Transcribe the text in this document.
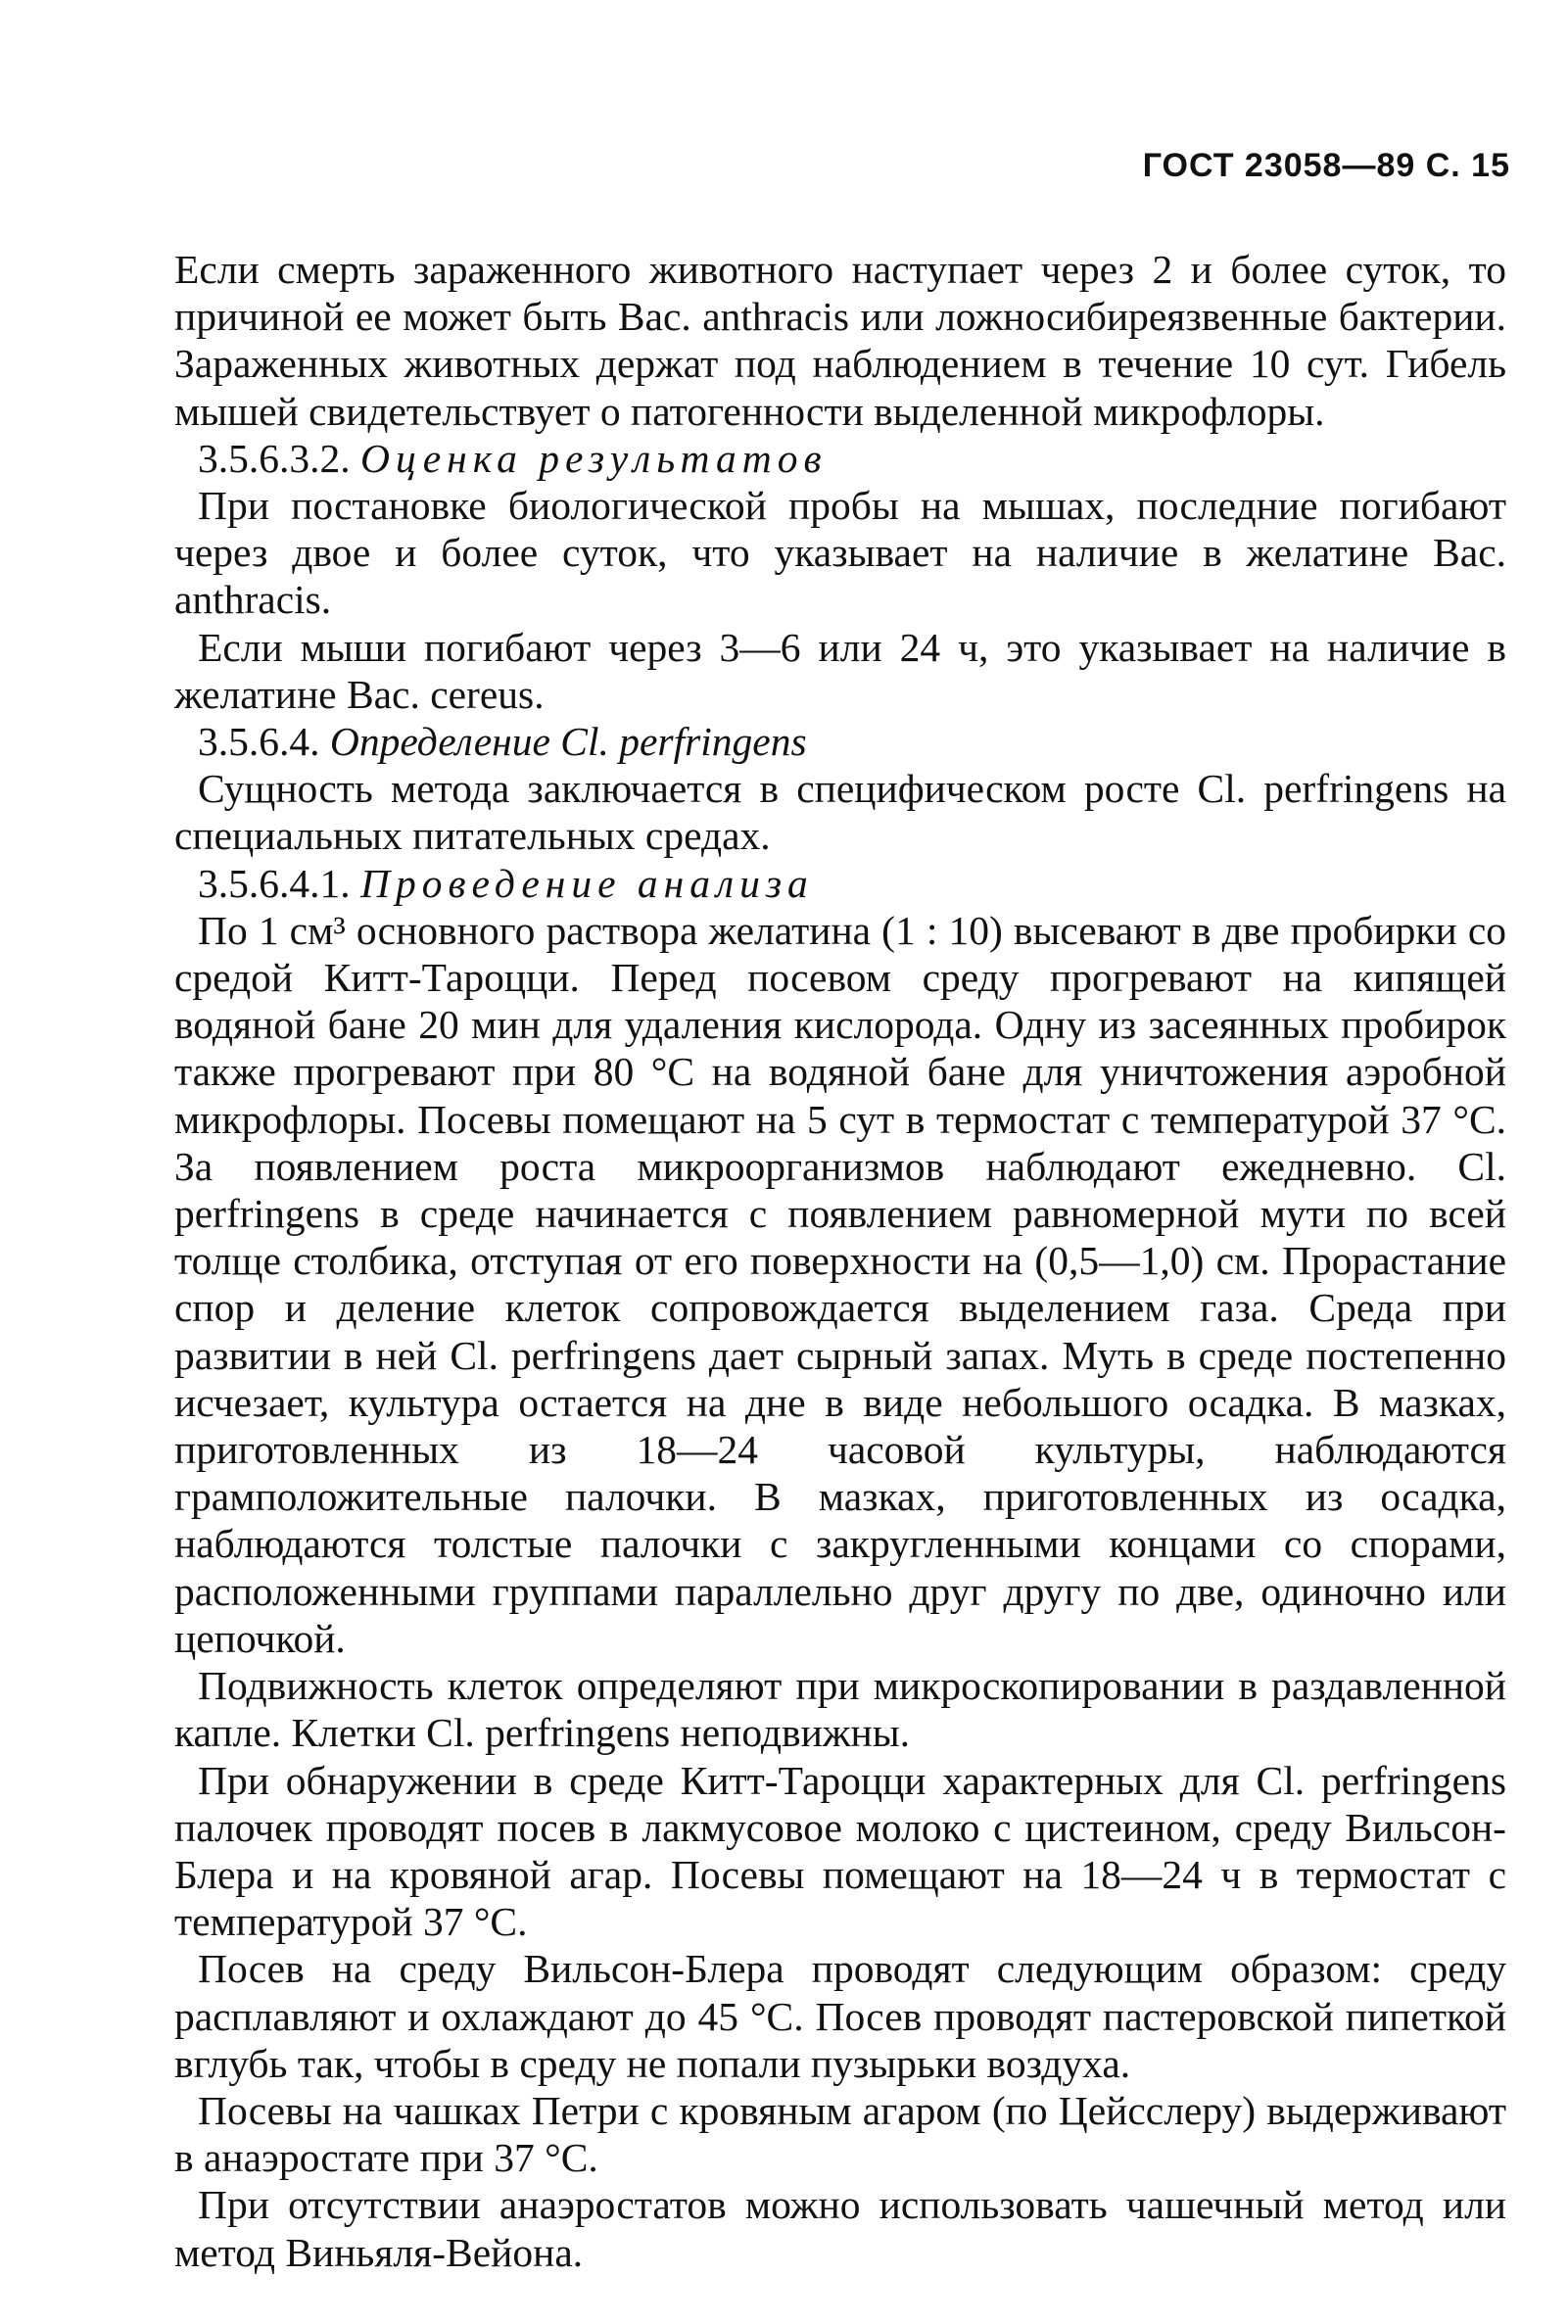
ГОСТ 23058—89 С. 15

Если смерть зараженного животного наступает через 2 и более суток, то причиной ее может быть Bac. anthracis или ложносибиреязвенные бактерии. Зараженных животных держат под наблюдением в течение 10 сут. Гибель мышей свидетельствует о патогенности выделенной микрофлоры.

3.5.6.3.2. Оценка результатов

При постановке биологической пробы на мышах, последние погибают через двое и более суток, что указывает на наличие в желатине Bac. anthracis.

Если мыши погибают через 3—6 или 24 ч, это указывает на наличие в желатине Bac. cereus.

3.5.6.4. Определение Cl. perfringens

Сущность метода заключается в специфическом росте Cl. perfringens на специальных питательных средах.

3.5.6.4.1. Проведение анализа

По 1 см³ основного раствора желатина (1 : 10) высевают в две пробирки со средой Китт-Тароцци. Перед посевом среду прогревают на кипящей водяной бане 20 мин для удаления кислорода. Одну из засеянных пробирок также прогревают при 80 °С на водяной бане для уничтожения аэробной микрофлоры. Посевы помещают на 5 сут в термостат с температурой 37 °С. За появлением роста микроорганизмов наблюдают ежедневно. Cl. perfringens в среде начинается с появлением равномерной мути по всей толще столбика, отступая от его поверхности на (0,5—1,0) см. Прорастание спор и деление клеток сопровождается выделением газа. Среда при развитии в ней Cl. perfringens дает сырный запах. Муть в среде постепенно исчезает, культура остается на дне в виде небольшого осадка. В мазках, приготовленных из 18—24 часовой культуры, наблюдаются грамположительные палочки. В мазках, приготовленных из осадка, наблюдаются толстые палочки с закругленными концами со спорами, расположенными группами параллельно друг другу по две, одиночно или цепочкой.

Подвижность клеток определяют при микроскопировании в раздавленной капле. Клетки Cl. perfringens неподвижны.

При обнаружении в среде Китт-Тароцци характерных для Cl. perfringens палочек проводят посев в лакмусовое молоко с цистеином, среду Вильсон-Блера и на кровяной агар. Посевы помещают на 18—24 ч в термостат с температурой 37 °С.

Посев на среду Вильсон-Блера проводят следующим образом: среду расплавляют и охлаждают до 45 °С. Посев проводят пастеровской пипеткой вглубь так, чтобы в среду не попали пузырьки воздуха.

Посевы на чашках Петри с кровяным агаром (по Цейсслеру) выдерживают в анаэростате при 37 °С.

При отсутствии анаэростатов можно использовать чашечный метод или метод Виньяля-Вейона.
